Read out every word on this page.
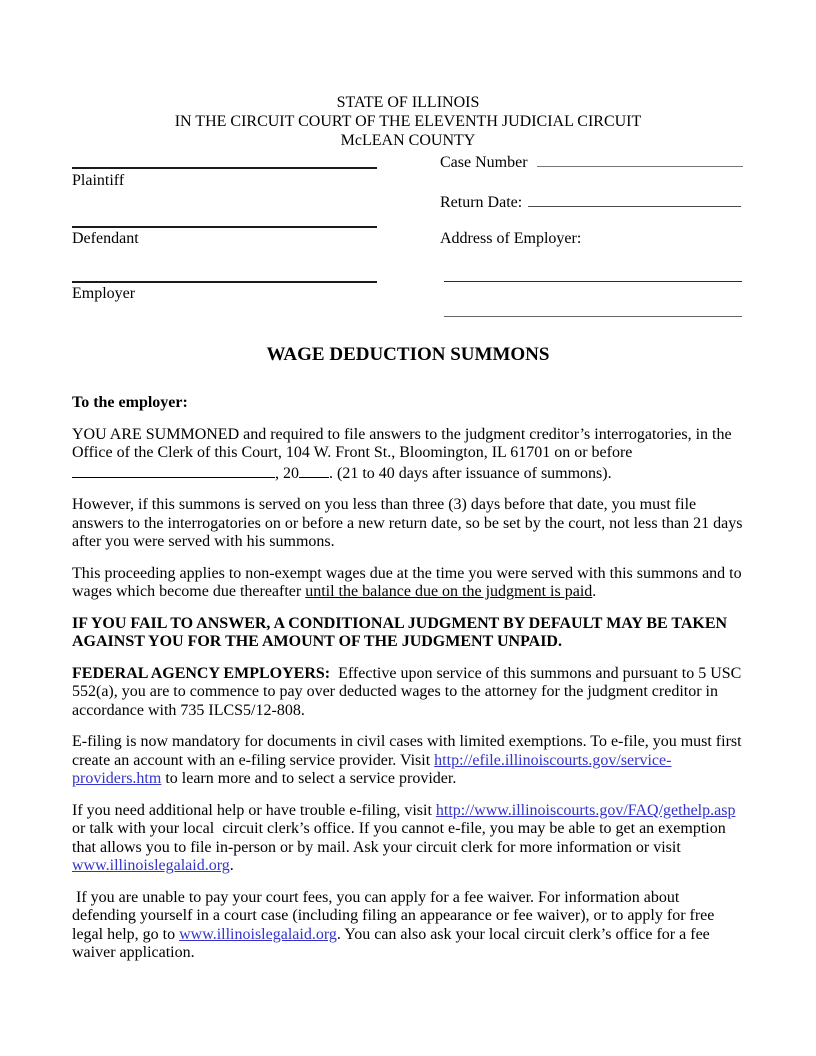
STATE OF ILLINOIS
IN THE CIRCUIT COURT OF THE ELEVENTH JUDICIAL CIRCUIT
McLEAN COUNTY
Plaintiff
Defendant
Employer
Case Number
Return Date:
Address of Employer:
WAGE DEDUCTION SUMMONS
To the employer:

YOU ARE SUMMONED and required to file answers to the judgment creditor’s interrogatories, in the Office of the Clerk of this Court, 104 W. Front St., Bloomington, IL 61701 on or before , 20 . (21 to 40 days after issuance of summons).

However, if this summons is served on you less than three (3) days before that date, you must file answers to the interrogatories on or before a new return date, so be set by the court, not less than 21 days after you were served with his summons.

This proceeding applies to non-exempt wages due at the time you were served with this summons and to wages which become due thereafter until the balance due on the judgment is paid.

IF YOU FAIL TO ANSWER, A CONDITIONAL JUDGMENT BY DEFAULT MAY BE TAKEN AGAINST YOU FOR THE AMOUNT OF THE JUDGMENT UNPAID.

FEDERAL AGENCY EMPLOYERS:  Effective upon service of this summons and pursuant to 5 USC 552(a), you are to commence to pay over deducted wages to the attorney for the judgment creditor in accordance with 735 ILCS5/12-808.

E-filing is now mandatory for documents in civil cases with limited exemptions. To e-file, you must first create an account with an e-filing service provider. Visit http://efile.illinoiscourts.gov/service-providers.htm to learn more and to select a service provider.

If you need additional help or have trouble e-filing, visit http://www.illinoiscourts.gov/FAQ/gethelp.asp or talk with your local  circuit clerk’s office. If you cannot e-file, you may be able to get an exemption that allows you to file in-person or by mail. Ask your circuit clerk for more information or visit www.illinoislegalaid.org.

If you are unable to pay your court fees, you can apply for a fee waiver. For information about defending yourself in a court case (including filing an appearance or fee waiver), or to apply for free legal help, go to www.illinoislegalaid.org. You can also ask your local circuit clerk’s office for a fee waiver application.
